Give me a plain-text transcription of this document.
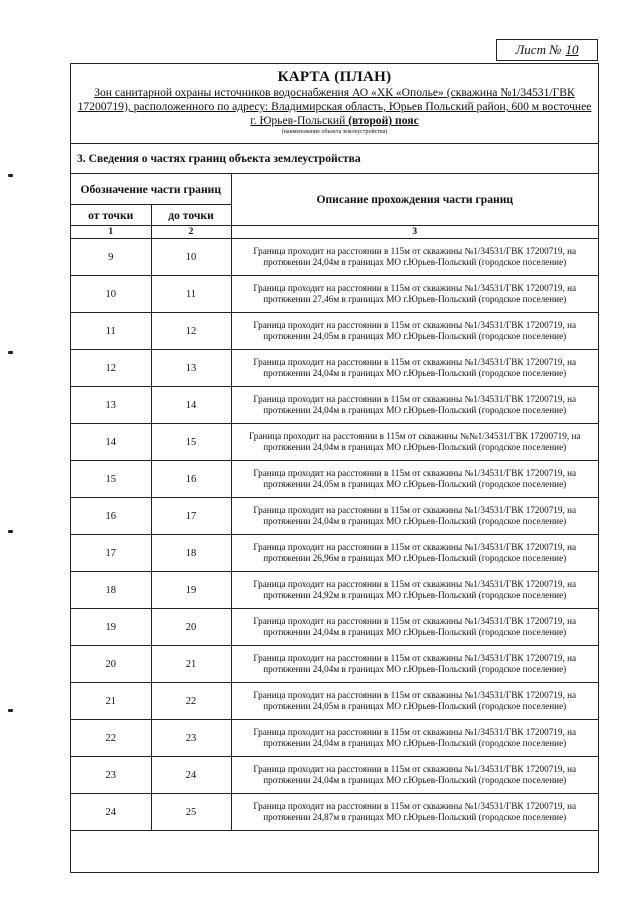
Лист № 10
КАРТА (ПЛАН)
Зон санитарной охраны источников водоснабжения АО «ХК «Ополье» (скважина №1/34531/ГВК 17200719), расположенного по адресу: Владимирская область, Юрьев Польский район, 600 м восточнее г. Юрьев-Польский (второй) пояс
(наименование объекта землеустройства)
3. Сведения о частях границ объекта землеустройства
Обозначение части границ		Описание прохождения части границ
от точки	до точки	
1	2	3
9	10	Граница проходит на расстоянии в 115м от скважины №1/34531/ГВК 17200719, на протяжении 24,04м в границах МО г.Юрьев-Польский (городское поселение)
10	11	Граница проходит на расстоянии в 115м от скважины №1/34531/ГВК 17200719, на протяжении 27,46м в границах МО г.Юрьев-Польский (городское поселение)
11	12	Граница проходит на расстоянии в 115м от скважины №1/34531/ГВК 17200719, на протяжении 24,05м в границах МО г.Юрьев-Польский (городское поселение)
12	13	Граница проходит на расстоянии в 115м от скважины №1/34531/ГВК 17200719, на протяжении 24,04м в границах МО г.Юрьев-Польский (городское поселение)
13	14	Граница проходит на расстоянии в 115м от скважины №1/34531/ГВК 17200719, на протяжении 24,04м в границах МО г.Юрьев-Польский (городское поселение)
14	15	Граница проходит на расстоянии в 115м от скважины №№1/34531/ГВК 17200719, на протяжении 24,04м в границах МО г.Юрьев-Польский (городское поселение)
15	16	Граница проходит на расстоянии в 115м от скважины №1/34531/ГВК 17200719, на протяжении 24,05м в границах МО г.Юрьев-Польский (городское поселение)
16	17	Граница проходит на расстоянии в 115м от скважины №1/34531/ГВК 17200719, на протяжении 24,04м в границах МО г.Юрьев-Польский (городское поселение)
17	18	Граница проходит на расстоянии в 115м от скважины №1/34531/ГВК 17200719, на протяжении 26,96м в границах МО г.Юрьев-Польский (городское поселение)
18	19	Граница проходит на расстоянии в 115м от скважины №1/34531/ГВК 17200719, на протяжении 24,92м в границах МО г.Юрьев-Польский (городское поселение)
19	20	Граница проходит на расстоянии в 115м от скважины №1/34531/ГВК 17200719, на протяжении 24,04м в границах МО г.Юрьев-Польский (городское поселение)
20	21	Граница проходит на расстоянии в 115м от скважины №1/34531/ГВК 17200719, на протяжении 24,04м в границах МО г.Юрьев-Польский (городское поселение)
21	22	Граница проходит на расстоянии в 115м от скважины №1/34531/ГВК 17200719, на протяжении 24,05м в границах МО г.Юрьев-Польский (городское поселение)
22	23	Граница проходит на расстоянии в 115м от скважины №1/34531/ГВК 17200719, на протяжении 24,04м в границах МО г.Юрьев-Польский (городское поселение)
23	24	Граница проходит на расстоянии в 115м от скважины №1/34531/ГВК 17200719, на протяжении 24,04м в границах МО г.Юрьев-Польский (городское поселение)
24	25	Граница проходит на расстоянии в 115м от скважины №1/34531/ГВК 17200719, на протяжении 24,87м в границах МО г.Юрьев-Польский (городское поселение)
